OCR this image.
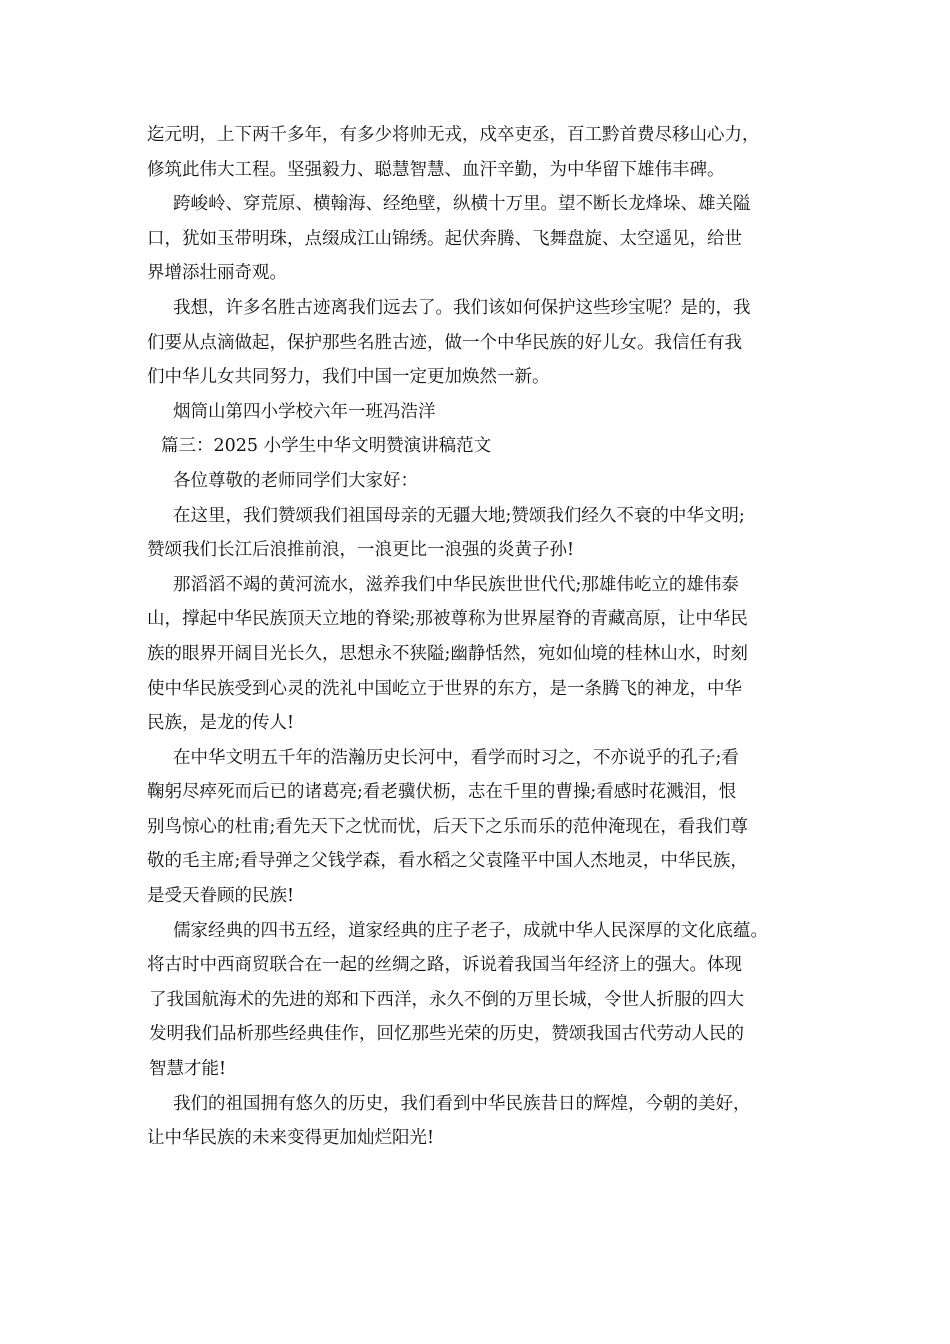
迄元明，上下两千多年，有多少将帅无戎，戍卒吏丞，百工黔首费尽移山心力，
修筑此伟大工程。坚强毅力、聪慧智慧、血汗辛勤，为中华留下雄伟丰碑。
跨峻岭、穿荒原、横翰海、经绝壁，纵横十万里。望不断长龙烽垛、雄关隘
口，犹如玉带明珠，点缀成江山锦绣。起伏奔腾、飞舞盘旋、太空遥见，给世
界增添壮丽奇观。
我想，许多名胜古迹离我们远去了。我们该如何保护这些珍宝呢？是的，我
们要从点滴做起，保护那些名胜古迹，做一个中华民族的好儿女。我信任有我
们中华儿女共同努力，我们中国一定更加焕然一新。
烟筒山第四小学校六年一班冯浩洋
篇三：2025 小学生中华文明赞演讲稿范文
各位尊敬的老师同学们大家好：
在这里，我们赞颂我们祖国母亲的无疆大地;赞颂我们经久不衰的中华文明;
赞颂我们长江后浪推前浪，一浪更比一浪强的炎黄子孙!
那滔滔不竭的黄河流水，滋养我们中华民族世世代代;那雄伟屹立的雄伟泰
山，撑起中华民族顶天立地的脊梁;那被尊称为世界屋脊的青藏高原，让中华民
族的眼界开阔目光长久，思想永不狭隘;幽静恬然，宛如仙境的桂林山水，时刻
使中华民族受到心灵的洗礼中国屹立于世界的东方，是一条腾飞的神龙，中华
民族，是龙的传人!
在中华文明五千年的浩瀚历史长河中，看学而时习之，不亦说乎的孔子;看
鞠躬尽瘁死而后已的诸葛亮;看老骥伏枥，志在千里的曹操;看感时花溅泪，恨
别鸟惊心的杜甫;看先天下之忧而忧，后天下之乐而乐的范仲淹现在，看我们尊
敬的毛主席;看导弹之父钱学森，看水稻之父袁隆平中国人杰地灵，中华民族，
是受天眷顾的民族!
儒家经典的四书五经，道家经典的庄子老子，成就中华人民深厚的文化底蕴。
将古时中西商贸联合在一起的丝绸之路，诉说着我国当年经济上的强大。体现
了我国航海术的先进的郑和下西洋，永久不倒的万里长城，令世人折服的四大
发明我们品析那些经典佳作，回忆那些光荣的历史，赞颂我国古代劳动人民的
智慧才能!
我们的祖国拥有悠久的历史，我们看到中华民族昔日的辉煌，今朝的美好，
让中华民族的未来变得更加灿烂阳光!
